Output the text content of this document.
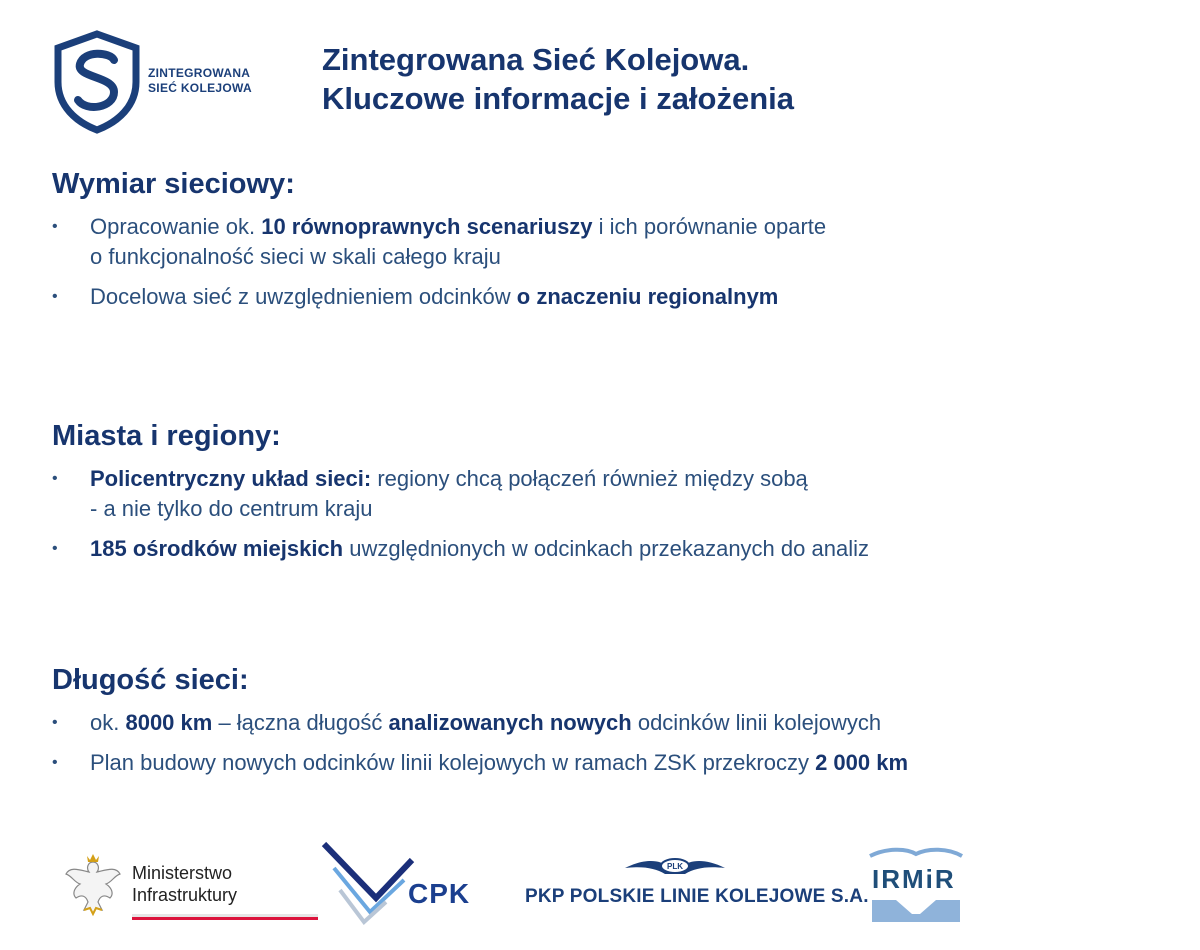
ZINTEGROWANA
SIEĆ KOLEJOWA
Zintegrowana Sieć Kolejowa.
Kluczowe informacje i założenia
Wymiar sieciowy:
• Opracowanie ok. 10 równoprawnych scenariuszy i ich porównanie oparte
o funkcjonalność sieci w skali całego kraju
• Docelowa sieć z uwzględnieniem odcinków o znaczeniu regionalnym
Miasta i regiony:
• Policentryczny układ sieci: regiony chcą połączeń również między sobą
- a nie tylko do centrum kraju
• 185 ośrodków miejskich uwzględnionych w odcinkach przekazanych do analiz
Długość sieci:
• ok. 8000 km – łączna długość analizowanych nowych odcinków linii kolejowych
• Plan budowy nowych odcinków linii kolejowych w ramach ZSK przekroczy 2 000 km
Ministerstwo
Infrastruktury	CPK
PLK
PKP POLSKIE LINIE KOLEJOWE S.A.
IRMiR
